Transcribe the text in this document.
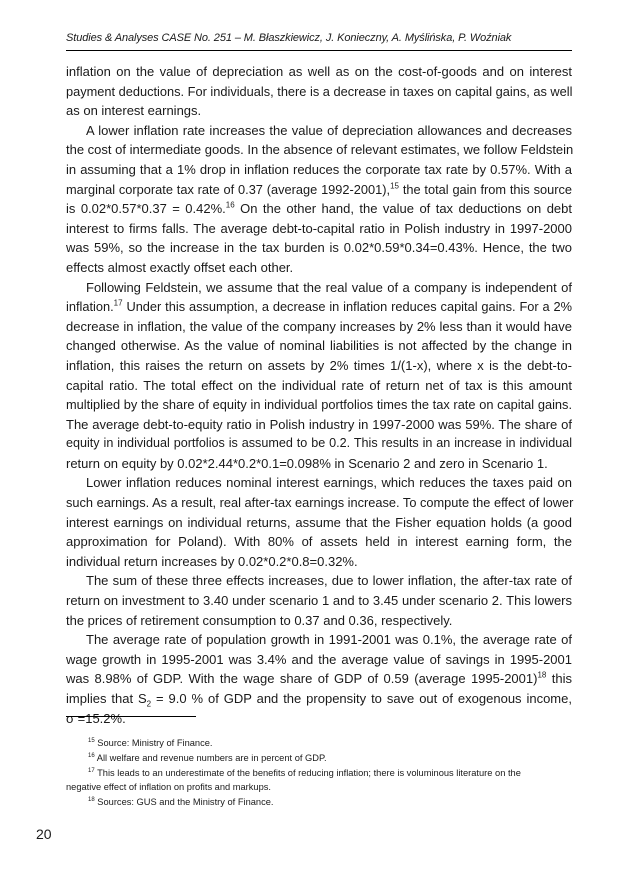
Studies & Analyses CASE No. 251 – M. Błaszkiewicz, J. Konieczny, A. Myślińska, P. Woźniak
inflation on the value of depreciation as well as on the cost-of-goods and on interest
payment deductions. For individuals, there is a decrease in taxes on capital gains, as well
as on interest earnings.
A lower inflation rate increases the value of depreciation allowances and decreases
the cost of intermediate goods. In the absence of relevant estimates, we follow Feldstein
in assuming that a 1% drop in inflation reduces the corporate tax rate by 0.57%. With a
marginal corporate tax rate of 0.37 (average 1992-2001),$^{15}$ the total gain from this source
is 0.02*0.57*0.37 = 0.42%.$^{16}$ On the other hand, the value of tax deductions on debt
interest to firms falls. The average debt-to-capital ratio in Polish industry in 1997-2000
was 59%, so the increase in the tax burden is 0.02*0.59*0.34=0.43%. Hence, the two
effects almost exactly offset each other.
Following Feldstein, we assume that the real value of a company is independent of
inflation.$^{17}$ Under this assumption, a decrease in inflation reduces capital gains. For a 2%
decrease in inflation, the value of the company increases by 2% less than it would have
changed otherwise. As the value of nominal liabilities is not affected by the change in
inflation, this raises the return on assets by 2% times 1/(1-x), where x is the debt-to-
capital ratio. The total effect on the individual rate of return net of tax is this amount
multiplied by the share of equity in individual portfolios times the tax rate on capital gains.
The average debt-to-equity ratio in Polish industry in 1997-2000 was 59%. The share of
equity in individual portfolios is assumed to be 0.2. This results in an increase in individual
return on equity by 0.02*2.44*0.2*0.1=0.098% in Scenario 2 and zero in Scenario 1.
Lower inflation reduces nominal interest earnings, which reduces the taxes paid on
such earnings. As a result, real after-tax earnings increase. To compute the effect of lower
interest earnings on individual returns, assume that the Fisher equation holds (a good
approximation for Poland). With 80% of assets held in interest earning form, the
individual return increases by 0.02*0.2*0.8=0.32%.
The sum of these three effects increases, due to lower inflation, the after-tax rate of
return on investment to 3.40 under scenario 1 and to 3.45 under scenario 2. This lowers
the prices of retirement consumption to 0.37 and 0.36, respectively.
The average rate of population growth in 1991-2001 was 0.1%, the average rate of
wage growth in 1995-2001 was 3.4% and the average value of savings in 1995-2001
was 8.98% of GDP. With the wage share of GDP of 0.59 (average 1995-2001)$^{18}$ this
implies that $S_2 = 9.0$ % of GDP and the propensity to save out of exogenous income,
σ =15.2%.
$^{15}$ Source: Ministry of Finance.
$^{16}$ All welfare and revenue numbers are in percent of GDP.
$^{17}$ This leads to an underestimate of the benefits of reducing inflation; there is voluminous literature on the
negative effect of inflation on profits and markups.
$^{18}$ Sources: GUS and the Ministry of Finance.
20
